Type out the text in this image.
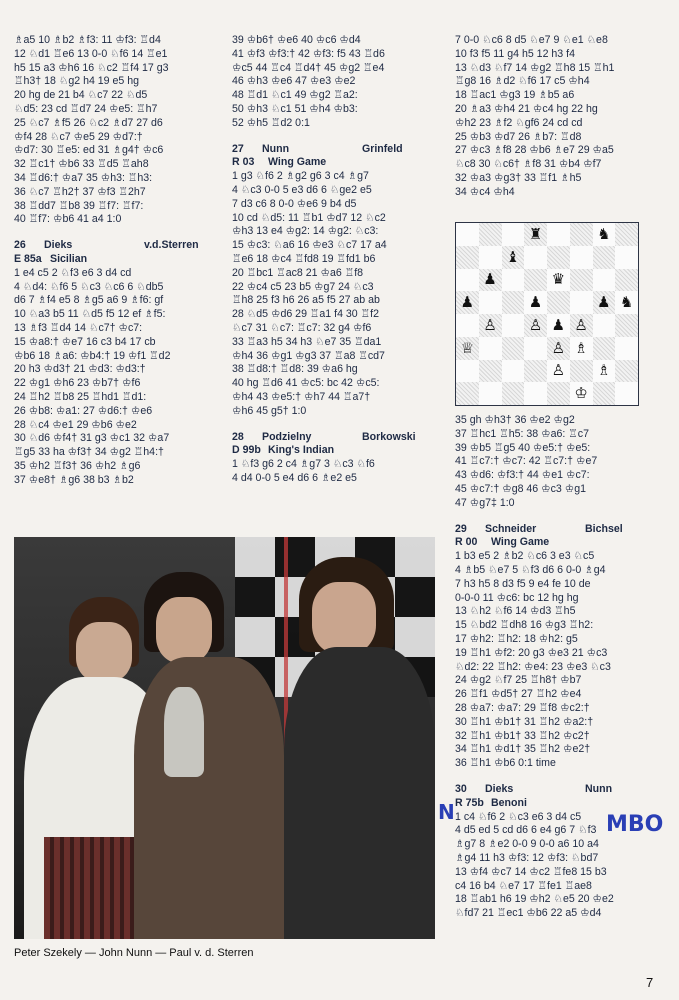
♗a5 10 ♗b2 ♗f3: 11 ♔f3: ♖d4
12 ♘d1 ♖e6 13 0-0 ♘f6 14 ♖e1
h5 15 a3 ♔h6 16 ♘c2 ♖f4 17 g3
♖h3† 18 ♘g2 h4 19 e5 hg
20 hg de 21 b4 ♘c7 22 ♘d5
♘d5: 23 cd ♖d7 24 ♔e5: ♖h7
25 ♘c7 ♗f5 26 ♘c2 ♗d7 27 d6
♔f4 28 ♘c7 ♔e5 29 ♔d7:†
♔d7: 30 ♖e5: ed 31 ♗g4† ♔c6
32 ♖c1† ♔b6 33 ♖d5 ♖ah8
34 ♖d6:† ♔a7 35 ♔h3: ♖h3:
36 ♘c7 ♖h2† 37 ♔f3 ♖2h7
38 ♖dd7 ♖b8 39 ♖f7: ♖f7:
40 ♖f7: ♔b6 41 a4 1:0
26 Dieks	v.d.Sterren
E 85a Sicilian
1 e4 c5 2 ♘f3 e6 3 d4 cd
4 ♘d4: ♘f6 5 ♘c3 ♘c6 6 ♘db5
d6 7 ♗f4 e5 8 ♗g5 a6 9 ♗f6: gf
10 ♘a3 b5 11 ♘d5 f5 12 ef ♗f5:
13 ♗f3 ♖d4 14 ♘c7† ♔c7:
15 ♔a8:† ♔e7 16 c3 b4 17 cb
♔b6 18 ♗a6: ♔b4:† 19 ♔f1 ♖d2
20 h3 ♔d3† 21 ♔d3: ♔d3:†
22 ♔g1 ♔h6 23 ♔b7† ♔f6
24 ♖h2 ♖b8 25 ♖hd1 ♖d1:
26 ♔b8: ♔a1: 27 ♔d6:† ♔e6
28 ♘c4 ♔e1 29 ♔b6 ♔e2
30 ♘d6 ♔f4† 31 g3 ♔c1 32 ♔a7
♖g5 33 ha ♔f3† 34 ♔g2 ♖h4:†
35 ♔h2 ♖f3† 36 ♔h2 ♗g6
37 ♔e8† ♗g6 38 b3 ♗b2
39 ♔b6† ♔e6 40 ♔c6 ♔d4
41 ♔f3 ♔f3:† 42 ♔f3: f5 43 ♖d6
♔c5 44 ♖c4 ♖d4† 45 ♔g2 ♖e4
46 ♔h3 ♔e6 47 ♔e3 ♔e2
48 ♖d1 ♘c1 49 ♔g2 ♖a2:
50 ♔h3 ♘c1 51 ♔h4 ♔b3:
52 ♔h5 ♖d2 0:1
27 Nunn	Grinfeld
R 03 Wing Game
1 g3 ♘f6 2 ♗g2 g6 3 c4 ♗g7
4 ♘c3 0-0 5 e3 d6 6 ♘ge2 e5
7 d3 c6 8 0-0 ♔e6 9 b4 d5
10 cd ♘d5: 11 ♖b1 ♔d7 12 ♘c2
♔h3 13 e4 ♔g2: 14 ♔g2: ♘c3:
15 ♔c3: ♘a6 16 ♔e3 ♘c7 17 a4
♖e6 18 ♔c4 ♖fd8 19 ♖fd1 b6
20 ♖bc1 ♖ac8 21 ♔a6 ♖f8
22 ♔c4 c5 23 b5 ♔g7 24 ♘c3
♖h8 25 f3 h6 26 a5 f5 27 ab ab
28 ♘d5 ♔d6 29 ♖a1 f4 30 ♖f2
♘c7 31 ♘c7: ♖c7: 32 g4 ♔f6
33 ♖a3 h5 34 h3 ♘e7 35 ♖da1
♔h4 36 ♔g1 ♔g3 37 ♖a8 ♖cd7
38 ♖d8:† ♖d8: 39 ♔a6 hg
40 hg ♖d6 41 ♔c5: bc 42 ♔c5:
♔h4 43 ♔e5:† ♔h7 44 ♖a7†
♔h6 45 g5† 1:0
28 Podzielny	Borkowski
D 99b King's Indian
1 ♘f3 g6 2 c4 ♗g7 3 ♘c3 ♘f6
4 d4 0-0 5 e4 d6 6 ♗e2 e5
7 0-0 ♘c6 8 d5 ♘e7 9 ♘e1 ♘e8
10 f3 f5 11 g4 h5 12 h3 f4
13 ♘d3 ♘f7 14 ♔g2 ♖h8 15 ♖h1
♖g8 16 ♗d2 ♘f6 17 c5 ♔h4
18 ♖ac1 ♔g3 19 ♗b5 a6
20 ♗a3 ♔h4 21 ♔c4 hg 22 hg
♔h2 23 ♗f2 ♘gf6 24 cd cd
25 ♔b3 ♔d7 26 ♗b7: ♖d8
27 ♔c3 ♗f8 28 ♔b6 ♗e7 29 ♔a5
♘c8 30 ♘c6† ♗f8 31 ♔b4 ♔f7
32 ♔a3 ♔g3† 33 ♖f1 ♗h5
34 ♔c4 ♔h4
♜	♞
♝
♟	♛
♟	♟	♟ ♞
♙	♙ ♟ ♙
♕	♙ ♗
♙	♗
♔
35 gh ♔h3† 36 ♔e2 ♔g2
37 ♖hc1 ♖h5: 38 ♔a6: ♖c7
39 ♔b5 ♖g5 40 ♔e5:† ♔e5:
41 ♖c7:† ♔c7: 42 ♖c7:† ♔e7
43 ♔d6: ♔f3:† 44 ♔e1 ♔c7:
45 ♔c7:† ♔g8 46 ♔c3 ♔g1
47 ♔g7‡ 1:0
29 Schneider	Bichsel
R 00 Wing Game
1 b3 e5 2 ♗b2 ♘c6 3 e3 ♘c5
4 ♗b5 ♘e7 5 ♘f3 d6 6 0-0 ♗g4
7 h3 h5 8 d3 f5 9 e4 fe 10 de
0-0-0 11 ♔c6: bc 12 hg hg
13 ♘h2 ♘f6 14 ♔d3 ♖h5
15 ♘bd2 ♖dh8 16 ♔g3 ♖h2:
17 ♔h2: ♖h2: 18 ♔h2: g5
19 ♖h1 ♔f2: 20 g3 ♔e3 21 ♔c3
♘d2: 22 ♖h2: ♔e4: 23 ♔e3 ♘c3
24 ♔g2 ♘f7 25 ♖h8† ♔b7
26 ♖f1 ♔d5† 27 ♖h2 ♔e4
28 ♔a7: ♔a7: 29 ♖f8 ♔c2:†
30 ♖h1 ♔b1† 31 ♖h2 ♔a2:†
32 ♖h1 ♔b1† 33 ♖h2 ♔c2†
34 ♖h1 ♔d1† 35 ♖h2 ♔e2†
36 ♖h1 ♔b6 0:1 time
30 Dieks	Nunn
R 75b Benoni
1 c4 ♘f6 2 ♘c3 e6 3 d4 c5
4 d5 ed 5 cd d6 6 e4 g6 7 ♘f3
♗g7 8 ♗e2 0-0 9 0-0 a6 10 a4
♗g4 11 h3 ♔f3: 12 ♔f3: ♘bd7
13 ♔f4 ♔c7 14 ♔c2 ♖fe8 15 b3
c4 16 b4 ♘e7 17 ♖fe1 ♖ae8
18 ♖ab1 h6 19 ♔h2 ♘e5 20 ♔e2
♘fd7 21 ♖ec1 ♔b6 22 a5 ♔d4
N	MBO
Peter Szekely — John Nunn — Paul v. d. Sterren
7
